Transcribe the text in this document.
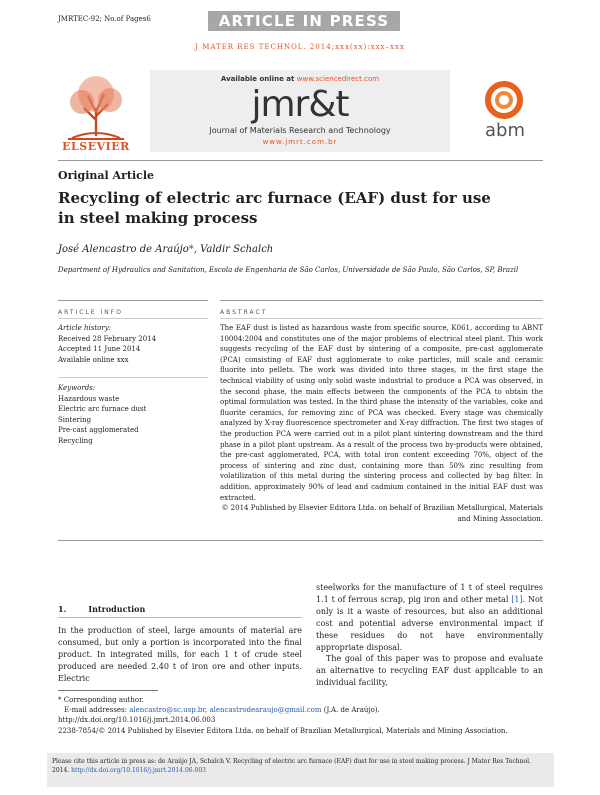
JMRTEC-92; No.of Pages6	ARTICLE IN PRESS
J MATER RES TECHNOL. 2014;xxx(xx):xxx–xxx
ELSEVIER
Available online at www.sciencedirect.com
jmr&t
Journal of Materials Research and Technology
www.jmrt.com.br
abm
Original Article
Recycling of electric arc furnace (EAF) dust for use
in steel making process
José Alencastro de Araújo*, Valdir Schalch
Department of Hydraulics and Sanitation, Escola de Engenharia de São Carlos, Universidade de São Paulo, São Carlos, SP, Brazil
ARTICLE INFO	ABSTRACT
Article history:
Received 28 February 2014
Accepted 11 June 2014
Available online xxx
Keywords:
Hazardous waste
Electric arc furnace dust
Sintering
Pre-cast agglomerated
Recycling
The EAF dust is listed as hazardous waste from specific source, K061, according to ABNT 10004:2004 and constitutes one of the major problems of electrical steel plant. This work suggests recycling of the EAF dust by sintering of a composite, pre-cast agglomerate (PCA) consisting of EAF dust agglomerate to coke particles, mill scale and ceramic fluorite into pellets. The work was divided into three stages, in the first stage the technical viability of using only solid waste industrial to produce a PCA was observed, in the second phase, the main effects between the components of the PCA to obtain the optimal formulation was tested. In the third phase the intensity of the variables, coke and fluorite ceramics, for removing zinc of PCA was checked. Every stage was chemically analyzed by X-ray fluorescence spectrometer and X-ray diffraction. The first two stages of the production PCA were carried out in a pilot plant sintering downstream and the third phase in a pilot plant upstream. As a result of the process two by-products were obtained, the pre-cast agglomerated, PCA, with total iron content exceeding 70%, object of the process of sintering and zinc dust, containing more than 50% zinc resulting from volatilization of this metal during the sintering process and collected by bag filter. In addition, approximately 90% of lead and cadmium contained in the initial EAF dust was extracted.
© 2014 Published by Elsevier Editora Ltda. on behalf of Brazilian Metallurgical, Materials
and Mining Association.
1.	Introduction
In the production of steel, large amounts of material are consumed, but only a portion is incorporated into the final product. In integrated mills, for each 1 t of crude steel produced are needed 2.40 t of iron ore and other inputs. Electric
steelworks for the manufacture of 1 t of steel requires 1.1 t of ferrous scrap, pig iron and other metal [1]. Not only is it a waste of resources, but also an additional cost and potential adverse environmental impact if these residues do not have environmentally appropriate disposal.
The goal of this paper was to propose and evaluate an alternative to recycling EAF dust applicable to an individual facility,
* Corresponding author.
E-mail addresses: alencastro@sc.usp.br, alencastrodearaujo@gmail.com (J.A. de Araújo).
http://dx.doi.org/10.1016/j.jmrt.2014.06.003
2238-7854/© 2014 Published by Elsevier Editora Ltda. on behalf of Brazilian Metallurgical, Materials and Mining Association.
Please cite this article in press as: de Araújo JA, Schalch V. Recycling of electric arc furnace (EAF) dust for use in steel making process. J Mater Res Technol. 2014. http://dx.doi.org/10.1016/j.jmrt.2014.06.003
